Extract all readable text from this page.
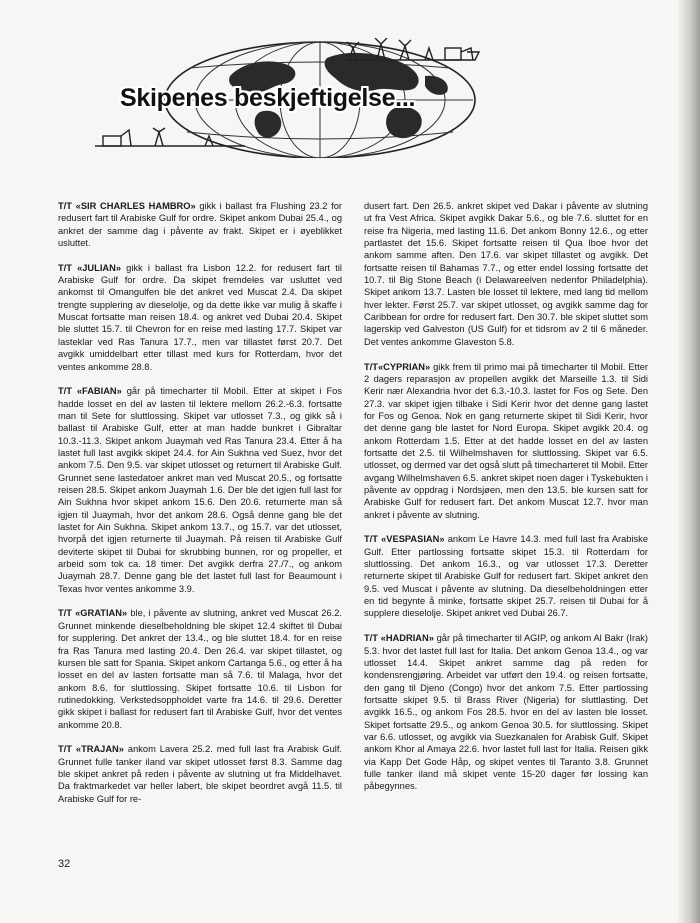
Skipenes beskjeftigelse...

T/T «SIR CHARLES HAMBRO» gikk i ballast fra Flushing 23.2 for redusert fart til Arabiske Gulf for ordre. Skipet ankom Dubai 25.4., og ankret der samme dag i påvente av frakt. Skipet er i øyeblikket usluttet.

T/T «JULIAN» gikk i ballast fra Lisbon 12.2. for redusert fart til Arabiske Gulf for ordre. Da skipet fremdeles var usluttet ved ankomst til Omangulfen ble det ankret ved Muscat 2.4. Da skipet trengte supplering av dieselolje, og da dette ikke var mulig å skaffe i Muscat fortsatte man reisen 18.4. og ankret ved Dubai 20.4. Skipet ble sluttet 15.7. til Chevron for en reise med lasting 17.7. Skipet var lasteklar ved Ras Tanura 17.7., men var tillastet først 20.7. Det avgikk umiddelbart etter tillast med kurs for Rotterdam, hvor det ventes ankomme 28.8.

T/T «FABIAN» går på timecharter til Mobil. Etter at skipet i Fos hadde losset en del av lasten til lektere mellom 26.2.-6.3. fortsatte man til Sete for sluttlossing. Skipet var utlosset 7.3., og gikk så i ballast til Arabiske Gulf, etter at man hadde bunkret i Gibraltar 10.3.-11.3. Skipet ankom Juaymah ved Ras Tanura 23.4. Etter å ha lastet full last avgikk skipet 24.4. for Ain Sukhna ved Suez, hvor det ankom 7.5. Den 9.5. var skipet utlosset og returnert til Arabiske Gulf. Grunnet sene lastedatoer ankret man ved Muscat 20.5., og fortsatte reisen 28.5. Skipet ankom Juaymah 1.6. Der ble det igjen full last for Ain Sukhna hvor skipet ankom 15.6. Den 20.6. returnerte man så igjen til Juaymah, hvor det ankom 28.6. Også denne gang ble det lastet for Ain Sukhna. Skipet ankom 13.7., og 15.7. var det utlosset, hvorpå det igjen returnerte til Juaymah. På reisen til Arabiske Gulf deviterte skipet til Dubai for skrubbing bunnen, ror og propeller, et arbeid som tok ca. 18 timer. Det avgikk derfra 27./7., og ankom Juaymah 28.7. Denne gang ble det lastet full last for Beaumount i Texas hvor ventes ankomme 3.9.

T/T «GRATIAN» ble, i påvente av slutning, ankret ved Muscat 26.2. Grunnet minkende dieselbeholdning ble skipet 12.4 skiftet til Dubai for supplering. Det ankret der 13.4., og ble sluttet 18.4. for en reise fra Ras Tanura med lasting 20.4. Den 26.4. var skipet tillastet, og kursen ble satt for Spania. Skipet ankom Cartanga 5.6., og etter å ha losset en del av lasten fortsatte man så 7.6. til Malaga, hvor det ankom 8.6. for sluttlossing. Skipet fortsatte 10.6. til Lisbon for rutinedokking. Verkstedsoppholdet varte fra 14.6. til 29.6. Deretter gikk skipet i ballast for redusert fart til Arabiske Gulf, hvor det ventes ankomme 20.8.

T/T «TRAJAN» ankom Lavera 25.2. med full last fra Arabisk Gulf. Grunnet fulle tanker iland var skipet utlosset først 8.3. Samme dag ble skipet ankret på reden i påvente av slutning ut fra Middelhavet. Da fraktmarkedet var heller labert, ble skipet beordret avgå 11.5. til Arabiske Gulf for re-

dusert fart. Den 26.5. ankret skipet ved Dakar i påvente av slutning ut fra Vest Africa. Skipet avgikk Dakar 5.6., og ble 7.6. sluttet for en reise fra Nigeria, med lasting 11.6. Det ankom Bonny 12.6., og etter partlastet det 15.6. Skipet fortsatte reisen til Qua Iboe hvor det ankom samme aften. Den 17.6. var skipet tillastet og avgikk. Det fortsatte reisen til Bahamas 7.7., og etter endel lossing fortsatte det 10.7. til Big Stone Beach (i Delawareelven nedenfor Philadelphia). Skipet ankom 13.7. Lasten ble losset til lektere, med lang tid mellom hver lekter. Først 25.7. var skipet utlosset, og avgikk samme dag for Caribbean for ordre for redusert fart. Den 30.7. ble skipet sluttet som lagerskip ved Galveston (US Gulf) for et tidsrom av 2 til 6 måneder. Det ventes ankomme Glaveston 5.8.

T/T«CYPRIAN» gikk frem til primo mai på timecharter til Mobil. Etter 2 dagers reparasjon av propellen avgikk det Marseille 1.3. til Sidi Kerir nær Alexandria hvor det 6.3.-10.3. lastet for Fos og Sete. Den 27.3. var skipet igjen tilbake i Sidi Kerir hvor det denne gang lastet for Fos og Genoa. Nok en gang returnerte skipet til Sidi Kerir, hvor det denne gang ble lastet for Nord Europa. Skipet avgikk 20.4. og ankom Rotterdam 1.5. Etter at det hadde losset en del av lasten fortsatte det 2.5. til Wilhelmshaven for sluttlossing. Skipet var 6.5. utlosset, og dermed var det også slutt på timecharteret til Mobil. Etter avgang Wilhelmshaven 6.5. ankret skipet noen dager i Tyskebukten i påvente av oppdrag i Nordsjøen, men den 13.5. ble kursen satt for Arabiske Gulf for redusert fart. Det ankom Muscat 12.7. hvor man ankret i påvente av slutning.

T/T «VESPASIAN» ankom Le Havre 14.3. med full last fra Arabiske Gulf. Etter partlossing fortsatte skipet 15.3. til Rotterdam for sluttlossing. Det ankom 16.3., og var utlosset 17.3. Deretter returnerte skipet til Arabiske Gulf for redusert fart. Skipet ankret den 9.5. ved Muscat i påvente av slutning. Da dieselbeholdningen etter en tid begynte å minke, fortsatte skipet 25.7. reisen til Dubai for å supplere dieselolje. Skipet ankret ved Dubai 26.7.

T/T «HADRIAN» går på timecharter til AGIP, og ankom Al Bakr (Irak) 5.3. hvor det lastet full last for Italia. Det ankom Genoa 13.4., og var utlosset 14.4. Skipet ankret samme dag på reden for kondensrengjøring. Arbeidet var utført den 19.4. og reisen fortsatte, den gang til Djeno (Congo) hvor det ankom 7.5. Etter partlossing fortsatte skipet 9.5. til Brass River (Nigeria) for sluttlasting. Det avgikk 16.5., og ankom Fos 28.5. hvor en del av lasten ble losset. Skipet fortsatte 29.5., og ankom Genoa 30.5. for sluttlossing. Skipet var 6.6. utlosset, og avgikk via Suezkanalen for Arabisk Gulf. Skipet ankom Khor al Amaya 22.6. hvor lastet full last for Italia. Reisen gikk via Kapp Det Gode Håp, og skipet ventes til Taranto 3.8. Grunnet fulle tanker iland må skipet vente 15-20 dager før lossing kan påbegynnes.

32
